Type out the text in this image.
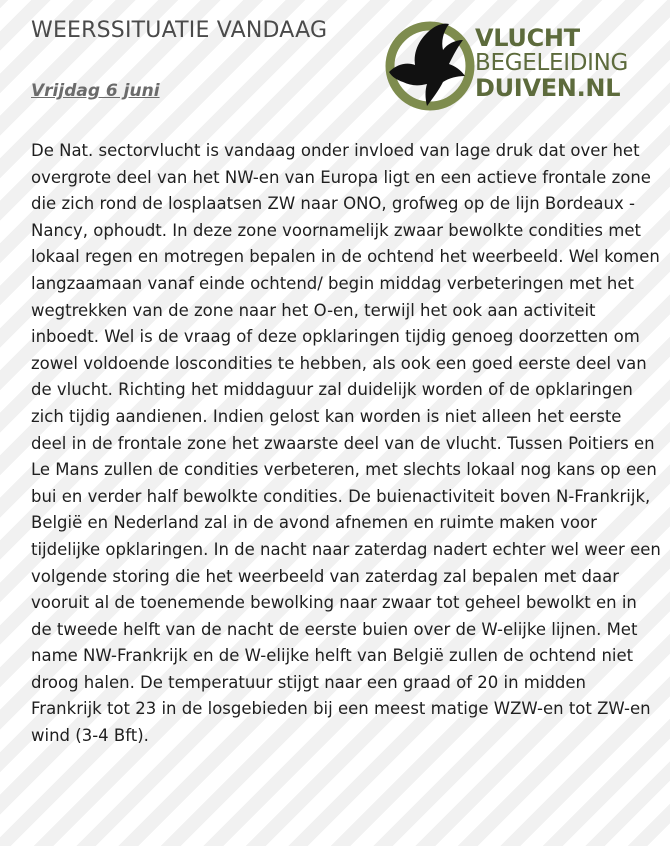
WEERSSITUATIE VANDAAG	VLUCHT
BEGELEIDING
DUIVEN.NL
Vrijdag 6 juni

De Nat. sectorvlucht is vandaag onder invloed van lage druk dat over het overgrote deel van het NW-en van Europa ligt en een actieve frontale zone die zich rond de losplaatsen ZW naar ONO, grofweg op de lijn Bordeaux - Nancy, ophoudt. In deze zone voornamelijk zwaar bewolkte condities met lokaal regen en motregen bepalen in de ochtend het weerbeeld. Wel komen langzaamaan vanaf einde ochtend/ begin middag verbeteringen met het wegtrekken van de zone naar het O-en, terwijl het ook aan activiteit inboedt. Wel is de vraag of deze opklaringen tijdig genoeg doorzetten om zowel voldoende loscondities te hebben, als ook een goed eerste deel van de vlucht. Richting het middaguur zal duidelijk worden of de opklaringen zich tijdig aandienen. Indien gelost kan worden is niet alleen het eerste deel in de frontale zone het zwaarste deel van de vlucht. Tussen Poitiers en Le Mans zullen de condities verbeteren, met slechts lokaal nog kans op een bui en verder half bewolkte condities. De buienactiviteit boven N-Frankrijk, België en Nederland zal in de avond afnemen en ruimte maken voor tijdelijke opklaringen. In de nacht naar zaterdag nadert echter wel weer een volgende storing die het weerbeeld van zaterdag zal bepalen met daar vooruit al de toenemende bewolking naar zwaar tot geheel bewolkt en in de tweede helft van de nacht de eerste buien over de W-elijke lijnen. Met name NW-Frankrijk en de W-elijke helft van België zullen de ochtend niet droog halen. De temperatuur stijgt naar een graad of 20 in midden Frankrijk tot 23 in de losgebieden bij een meest matige WZW-en tot ZW-en wind (3-4 Bft).
